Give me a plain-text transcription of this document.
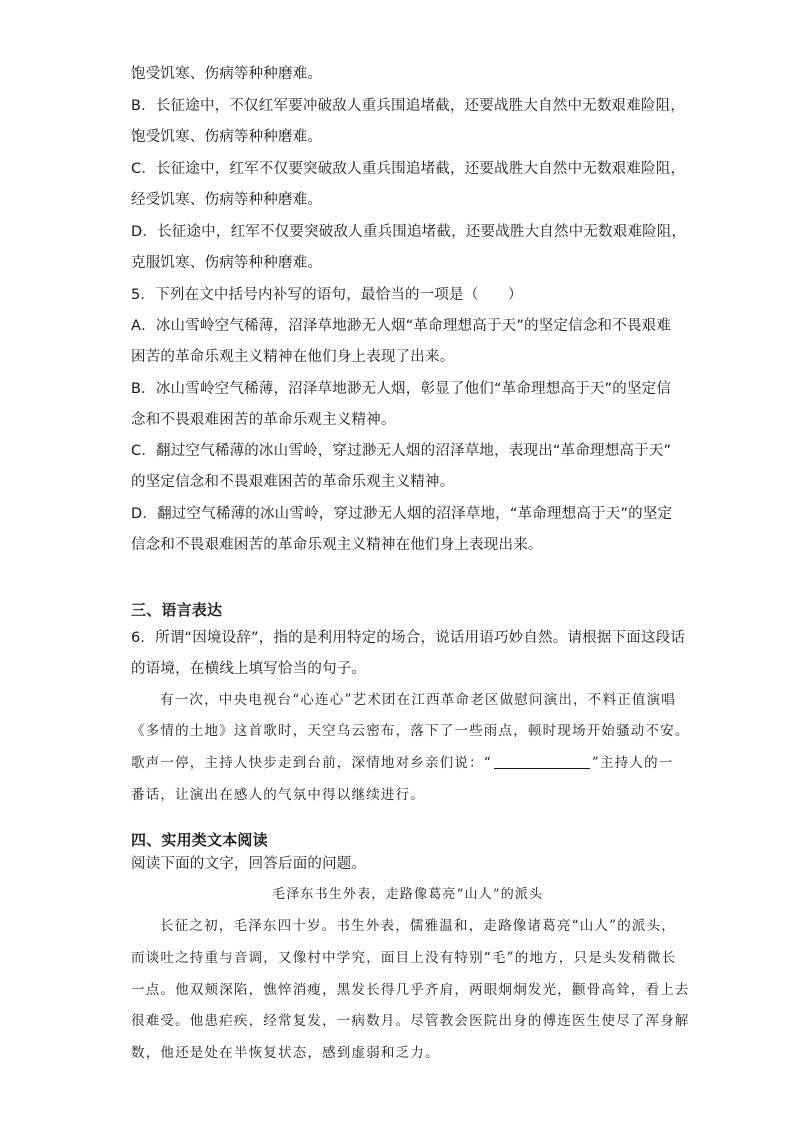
饱受饥寒、伤病等种种磨难。
B．长征途中，不仅红军要冲破敌人重兵围追堵截，还要战胜大自然中无数艰难险阻，
饱受饥寒、伤病等种种磨难。
C．长征途中，红军不仅要突破敌人重兵围追堵截，还要战胜大自然中无数艰难险阻，
经受饥寒、伤病等种种磨难。
D．长征途中，红军不仅要突破敌人重兵围追堵截，还要战胜大自然中无数艰难险阻，
克服饥寒、伤病等种种磨难。
5．下列在文中括号内补写的语句，最恰当的一项是（　　）
A．冰山雪岭空气稀薄，沼泽草地渺无人烟“革命理想高于天”的坚定信念和不畏艰难
困苦的革命乐观主义精神在他们身上表现了出来。
B．冰山雪岭空气稀薄，沼泽草地渺无人烟，彰显了他们“革命理想高于天”的坚定信
念和不畏艰难困苦的革命乐观主义精神。
C．翻过空气稀薄的冰山雪岭，穿过渺无人烟的沼泽草地，表现出“革命理想高于天”
的坚定信念和不畏艰难困苦的革命乐观主义精神。
D．翻过空气稀薄的冰山雪岭，穿过渺无人烟的沼泽草地，“革命理想高于天”的坚定
信念和不畏艰难困苦的革命乐观主义精神在他们身上表现出来。
三、语言表达
6．所谓“因境设辞”，指的是利用特定的场合，说话用语巧妙自然。请根据下面这段话
的语境，在横线上填写恰当的句子。
有一次，中央电视台“心连心”艺术团在江西革命老区做慰问演出，不料正值演唱
《多情的土地》这首歌时，天空乌云密布，落下了一些雨点，顿时现场开始骚动不安。
歌声一停，主持人快步走到台前，深情地对乡亲们说：“	”主持人的一
番话，让演出在感人的气氛中得以继续进行。
四、实用类文本阅读
阅读下面的文字，回答后面的问题。
毛泽东书生外表，走路像葛亮“山人”的派头
长征之初，毛泽东四十岁。书生外表，儒雅温和，走路像诸葛亮“山人”的派头，
而谈吐之持重与音调，又像村中学究，面目上没有特别“毛”的地方，只是头发稍微长
一点。他双颊深陷，憔悴消瘦，黑发长得几乎齐肩，两眼炯炯发光，颧骨高耸，看上去
很难受。他患疟疾，经常复发，一病数月。尽管教会医院出身的傅连医生使尽了浑身解
数，他还是处在半恢复状态，感到虚弱和乏力。
